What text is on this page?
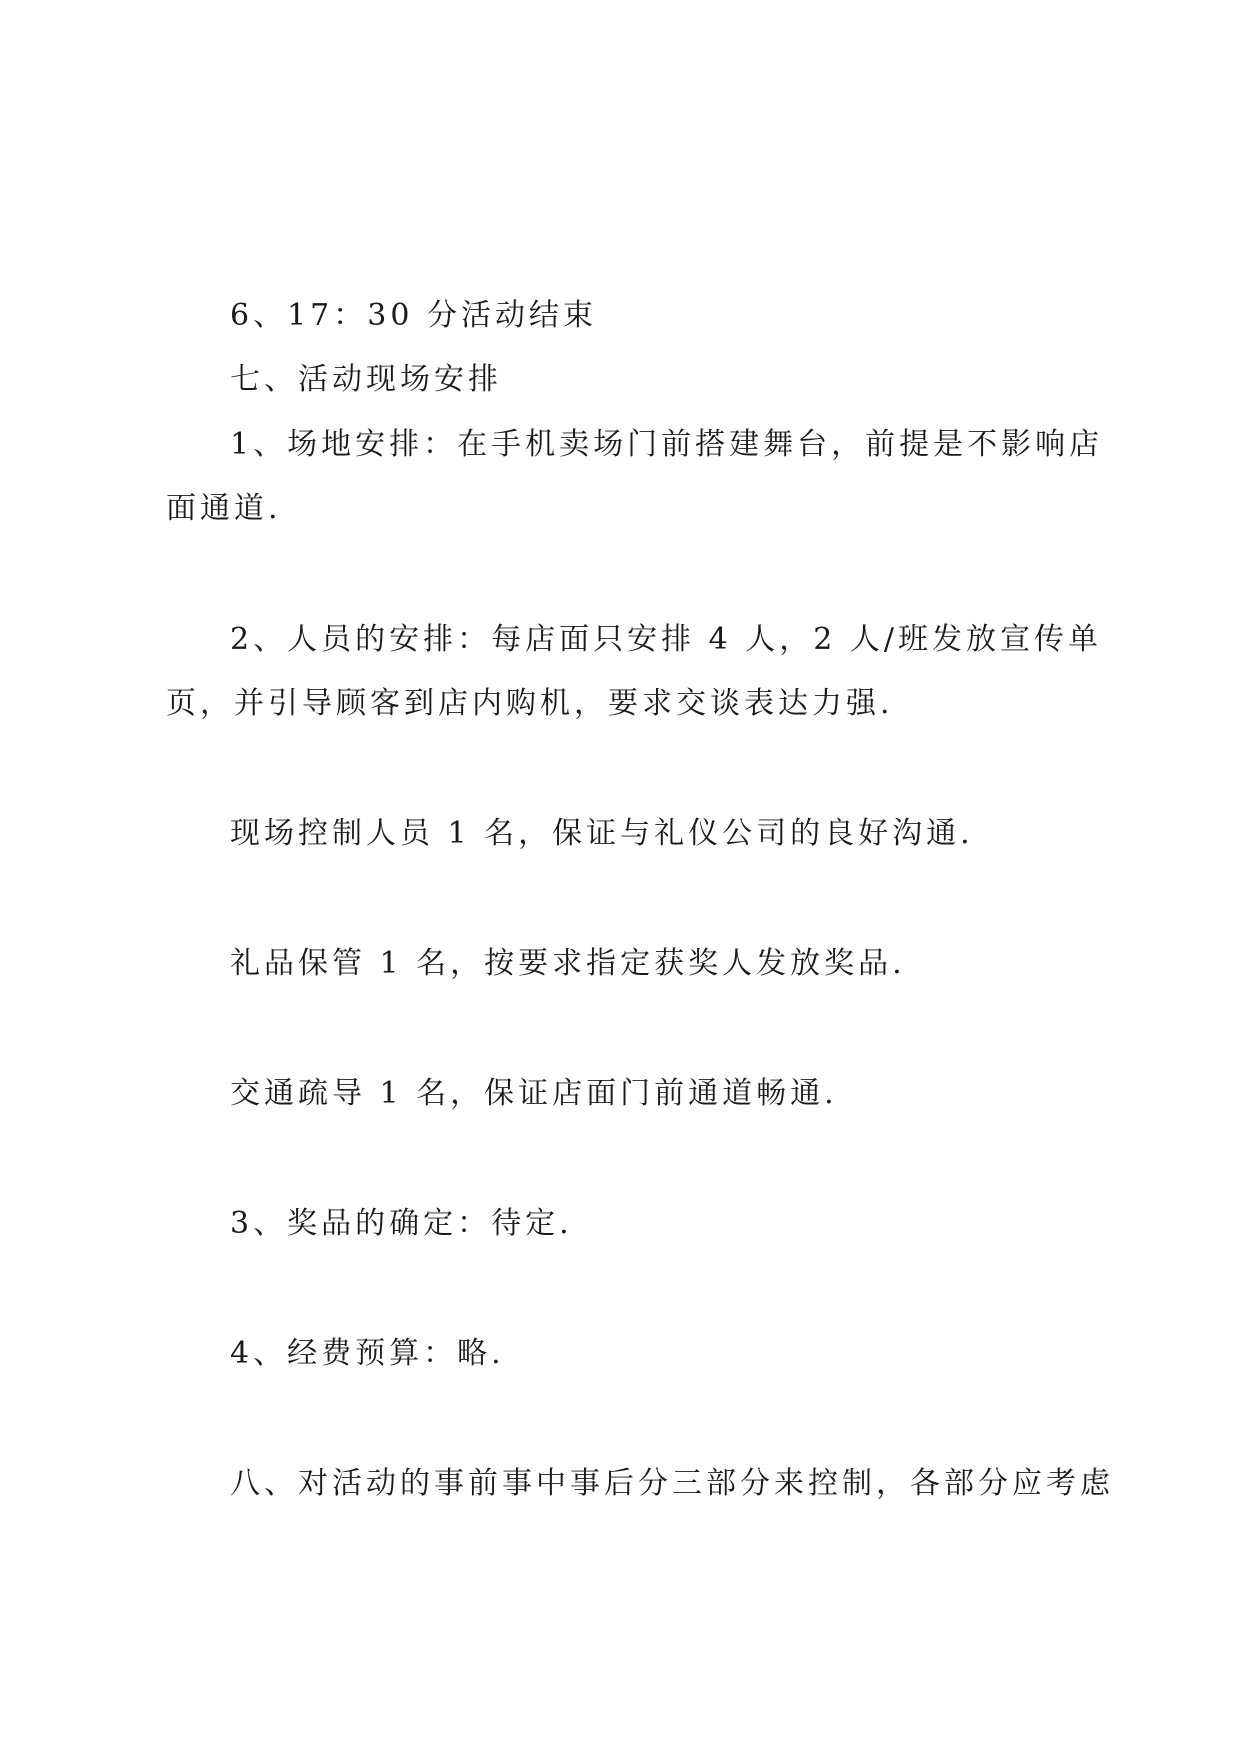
6、17：30 分活动结束
七、活动现场安排
1、场地安排：在手机卖场门前搭建舞台，前提是不影响店
面通道.
2、人员的安排：每店面只安排 4 人，2 人/班发放宣传单
页，并引导顾客到店内购机，要求交谈表达力强.
现场控制人员 1 名，保证与礼仪公司的良好沟通.
礼品保管 1 名，按要求指定获奖人发放奖品.
交通疏导 1 名，保证店面门前通道畅通.
3、奖品的确定：待定.
4、经费预算：略.
八、对活动的事前事中事后分三部分来控制，各部分应考虑
